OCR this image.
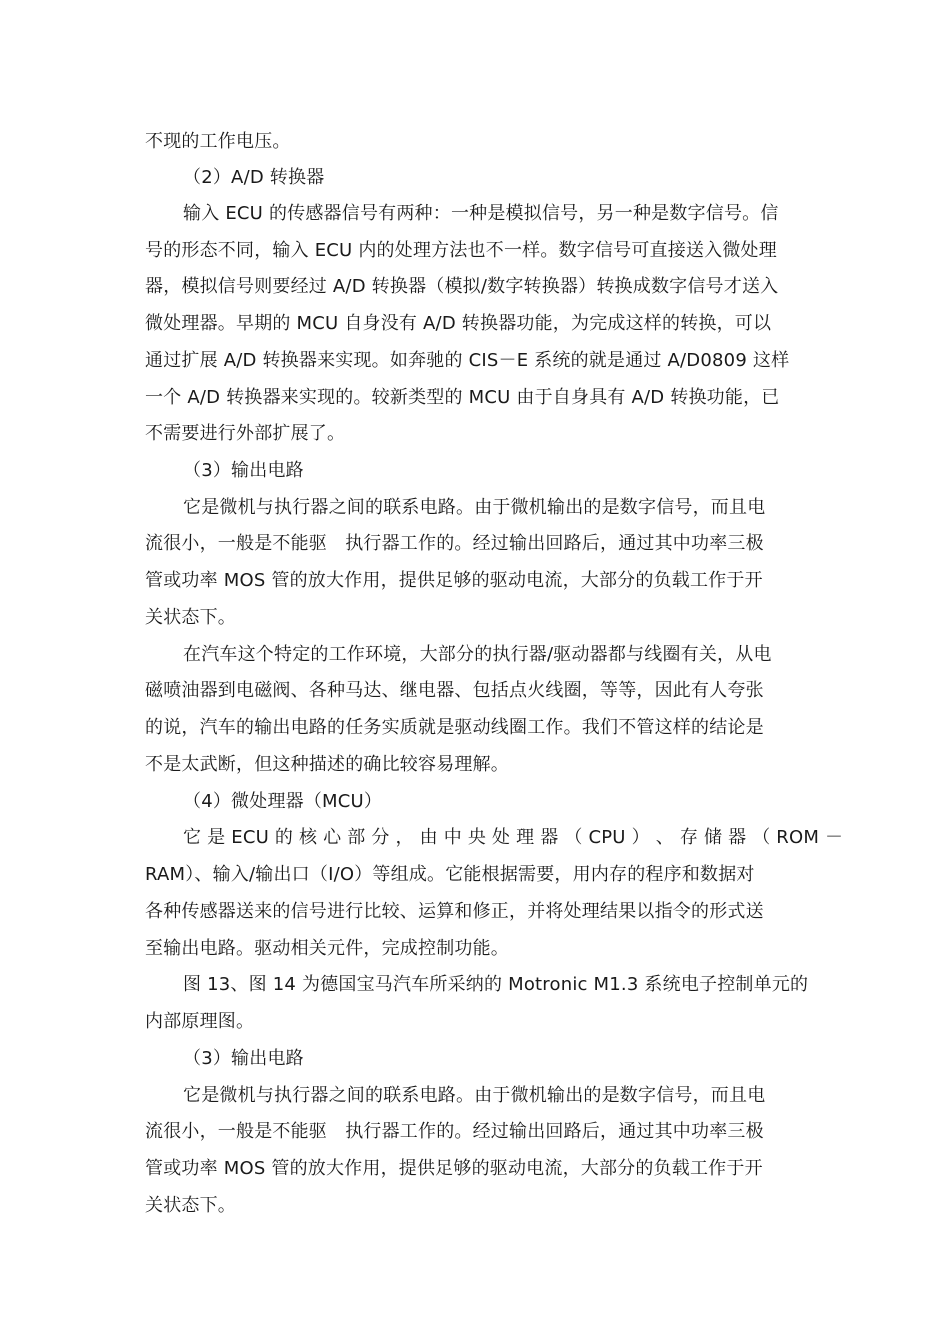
不现的工作电压。
（2）A/D 转换器
输入 ECU 的传感器信号有两种：一种是模拟信号，另一种是数字信号。信
号的形态不同，输入 ECU 内的处理方法也不一样。数字信号可直接送入微处理
器，模拟信号则要经过 A/D 转换器（模拟/数字转换器）转换成数字信号才送入
微处理器。早期的 MCU 自身没有 A/D 转换器功能，为完成这样的转换，可以
通过扩展 A/D 转换器来实现。如奔驰的 CIS－E 系统的就是通过 A/D0809 这样
一个 A/D 转换器来实现的。较新类型的 MCU 由于自身具有 A/D 转换功能，已
不需要进行外部扩展了。
（3）输出电路
它是微机与执行器之间的联系电路。由于微机输出的是数字信号，而且电
流很小，一般是不能驱　执行器工作的。经过输出回路后，通过其中功率三极
管或功率 MOS 管的放大作用，提供足够的驱动电流，大部分的负载工作于开
关状态下。
在汽车这个特定的工作环境，大部分的执行器/驱动器都与线圈有关，从电
磁喷油器到电磁阀、各种马达、继电器、包括点火线圈，等等，因此有人夸张
的说，汽车的输出电路的任务实质就是驱动线圈工作。我们不管这样的结论是
不是太武断，但这种描述的确比较容易理解。
（4）微处理器（MCU）
它 是 ECU 的 核 心 部 分 ， 由 中 央 处 理 器 （ CPU ） 、 存 储 器 （ ROM －
RAM）、输入/输出口（I/O）等组成。它能根据需要，用内存的程序和数据对
各种传感器送来的信号进行比较、运算和修正，并将处理结果以指令的形式送
至输出电路。驱动相关元件，完成控制功能。
图 13、图 14 为德国宝马汽车所采纳的 Motronic M1.3 系统电子控制单元的
内部原理图。
（3）输出电路
它是微机与执行器之间的联系电路。由于微机输出的是数字信号，而且电
流很小，一般是不能驱　执行器工作的。经过输出回路后，通过其中功率三极
管或功率 MOS 管的放大作用，提供足够的驱动电流，大部分的负载工作于开
关状态下。
